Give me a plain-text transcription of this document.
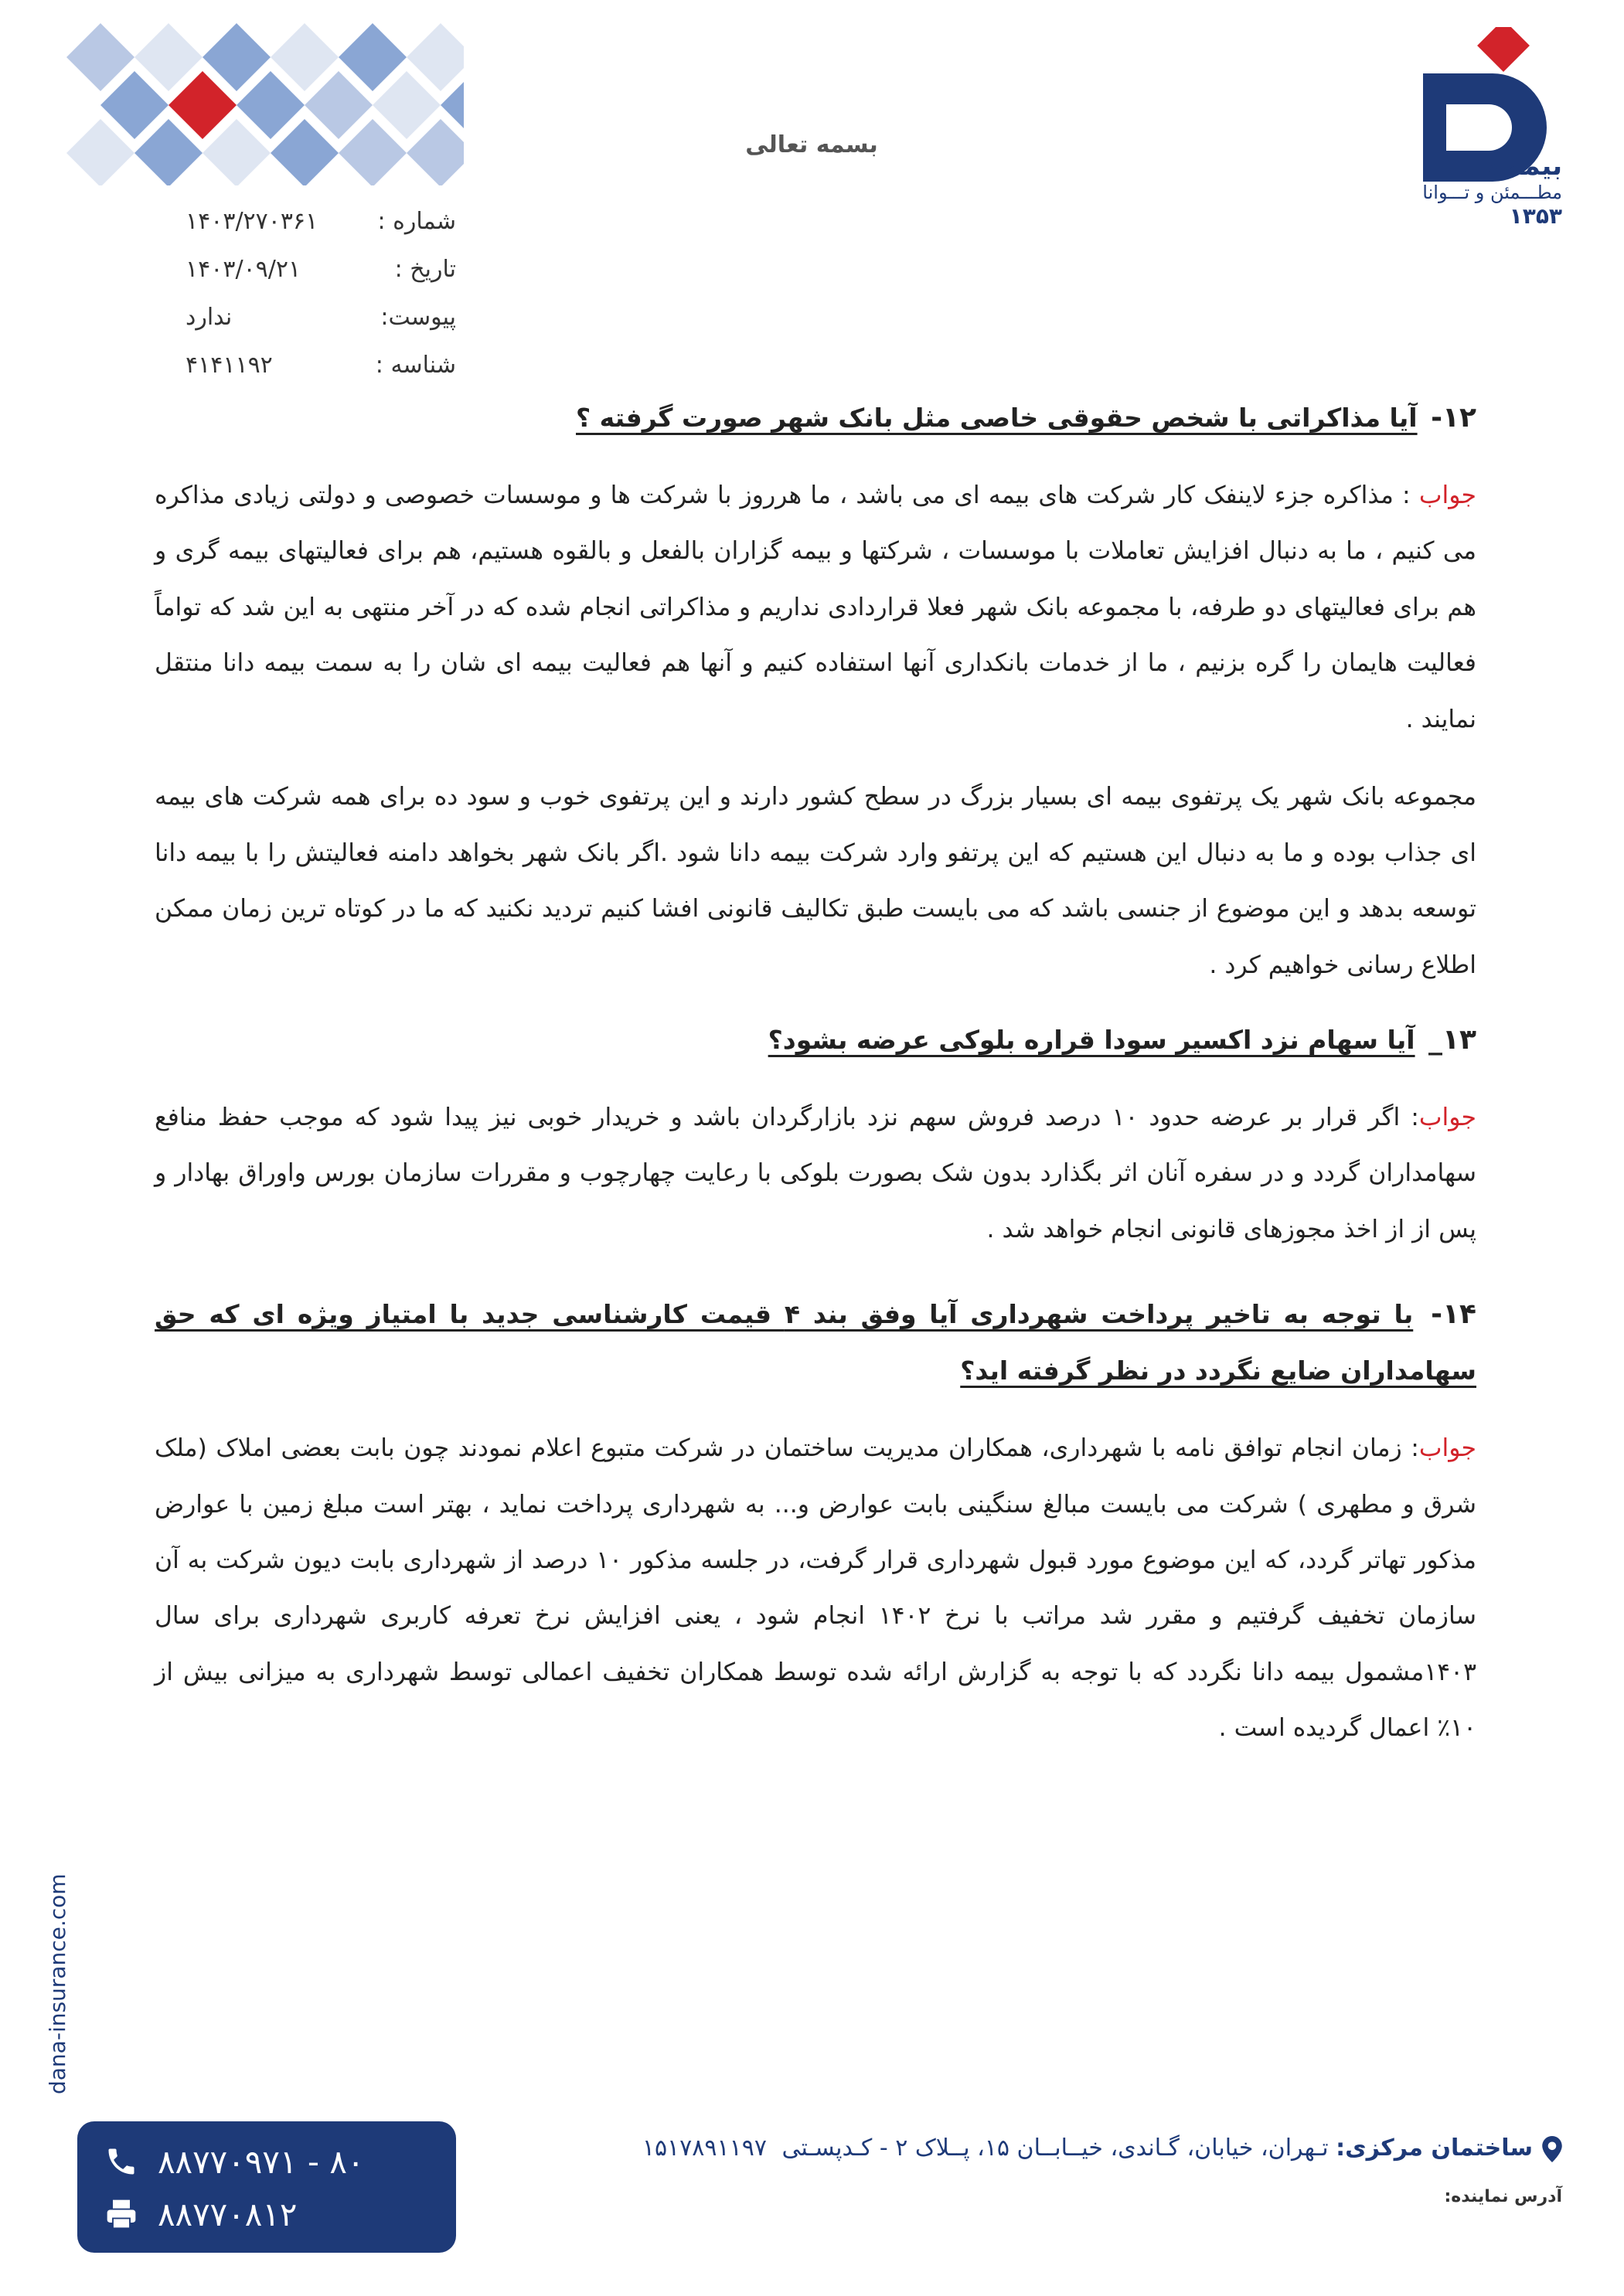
بیمه دانا
مطـــمئن و تـــوانا
۱۳۵۳
بسمه تعالی
شماره :
۱۴۰۳/۲۷۰۳۶۱
تاریخ :
۱۴۰۳/۰۹/۲۱
پیوست:
ندارد
شناسه :
۴۱۴۱۱۹۲

۱۲- آیا مذاکراتی با شخص حقوقی خاصی مثل بانک شهر صورت گرفته ؟

جواب : مذاکره جزء لاینفک کار شرکت های بیمه ای می باشد ، ما هرروز با شرکت ها و موسسات خصوصی و دولتی زیادی مذاکره می کنیم ، ما به دنبال افزایش تعاملات با موسسات ، شرکتها و بیمه گزاران بالفعل و بالقوه هستیم، هم برای فعالیتهای بیمه گری و هم برای فعالیتهای دو طرفه، با مجموعه بانک شهر فعلا قراردادی نداریم و مذاکراتی انجام شده که در آخر منتهی به این شد که تواماً فعالیت هایمان را گره بزنیم ، ما از خدمات بانکداری آنها استفاده کنیم و آنها هم فعالیت بیمه ای شان را به سمت بیمه دانا منتقل نمایند .

مجموعه بانک شهر یک پرتفوی بیمه ای بسیار بزرگ در سطح کشور دارند و این پرتفوی خوب و سود ده برای همه شرکت های بیمه ای جذاب بوده و ما به دنبال این هستیم که این پرتفو وارد شرکت بیمه دانا شود .اگر بانک شهر بخواهد دامنه فعالیتش را با بیمه دانا توسعه بدهد و این موضوع از جنسی باشد که می بایست طبق تکالیف قانونی افشا کنیم تردید نکنید که ما در کوتاه ترین زمان ممکن اطلاع رسانی خواهیم کرد .

۱۳_ آیا سهام نزد اکسیر سودا قراره بلوکی عرضه بشود؟

جواب: اگر قرار بر عرضه حدود ۱۰ درصد فروش سهم نزد بازارگردان باشد و خریدار خوبی نیز پیدا شود که موجب حفظ منافع سهامداران گردد و در سفره آنان اثر بگذارد بدون شک بصورت بلوکی با رعایت چهارچوب و مقررات سازمان بورس واوراق بهادار و پس از از اخذ مجوزهای قانونی انجام خواهد شد .

۱۴- با توجه به تاخیر پرداخت شهرداری آیا وفق بند ۴ قیمت کارشناسی جدید با امتیاز ویژه ای که حق سهامداران ضایع نگردد در نظر گرفته اید؟

جواب: زمان انجام توافق نامه با شهرداری، همکاران مدیریت ساختمان در شرکت متبوع اعلام نمودند چون بابت بعضی املاک (ملک شرق و مطهری ) شرکت می بایست مبالغ سنگینی بابت عوارض و... به شهرداری پرداخت نماید ، بهتر است مبلغ زمین با عوارض مذکور تهاتر گردد، که این موضوع مورد قبول شهرداری قرار گرفت، در جلسه مذکور ۱۰ درصد از شهرداری بابت دیون شرکت به آن سازمان تخفیف گرفتیم و مقرر شد مراتب با نرخ ۱۴۰۲ انجام شود ، یعنی افزایش نرخ تعرفه کاربری شهرداری برای سال ۱۴۰۳مشمول بیمه دانا نگردد که با توجه به گزارش ارائه شده توسط همکاران تخفیف اعمالی توسط شهرداری به میزانی بیش از ۱۰٪ اعمال گردیده است .

dana-insurance.com
۸۸۷۷۰۹۷۱ - ۸۰
۸۸۷۷۰۸۱۲
ساختمان مرکزی: تـهران، خیابان، گـاندی، خیــابــان ۱۵، پــلاک ۲ - کـدپسـتی ۱۵۱۷۸۹۱۱۹۷
آدرس نماینده:
